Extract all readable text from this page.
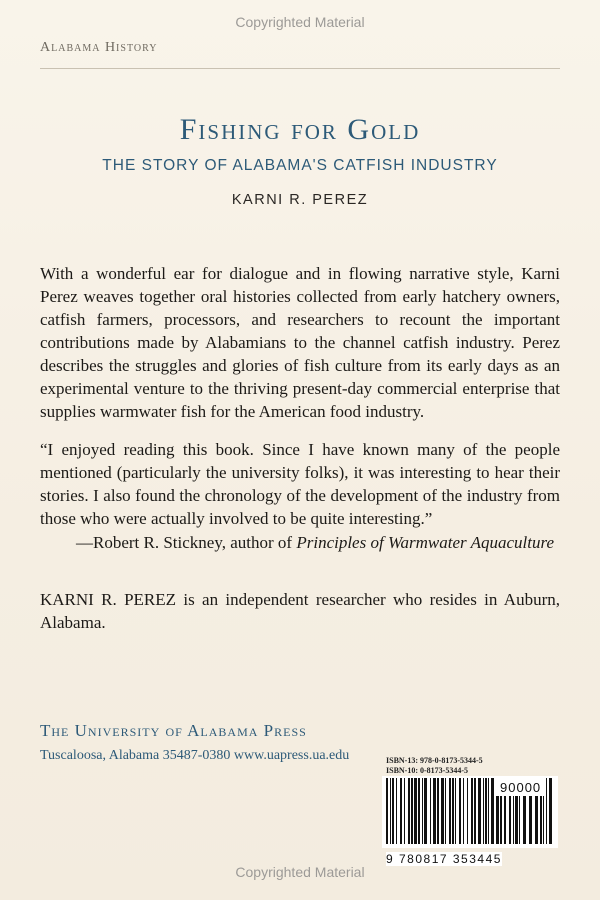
Copyrighted Material
Alabama History
Fishing for Gold
THE STORY OF ALABAMA'S CATFISH INDUSTRY
KARNI R. PEREZ

With a wonderful ear for dialogue and in flowing narrative style, Karni Perez weaves together oral histories collected from early hatchery owners, catfish farmers, processors, and researchers to recount the important contributions made by Alabamians to the channel catfish industry. Perez describes the struggles and glories of fish culture from its early days as an experimental venture to the thriving present-day commercial enterprise that supplies warmwater fish for the American food industry.

“I enjoyed reading this book. Since I have known many of the people mentioned (particularly the university folks), it was interesting to hear their stories. I also found the chronology of the development of the industry from those who were actually involved to be quite interesting.”

—Robert R. Stickney, author of Principles of Warmwater Aquaculture

KARNI R. PEREZ is an independent researcher who resides in Auburn, Alabama.

The University of Alabama Press
Tuscaloosa, Alabama 35487-0380 www.uapress.ua.edu	ISBN-13: 978-0-8173-5344-5
ISBN-10: 0-8173-5344-5
90000
9 780817 353445
Copyrighted Material
